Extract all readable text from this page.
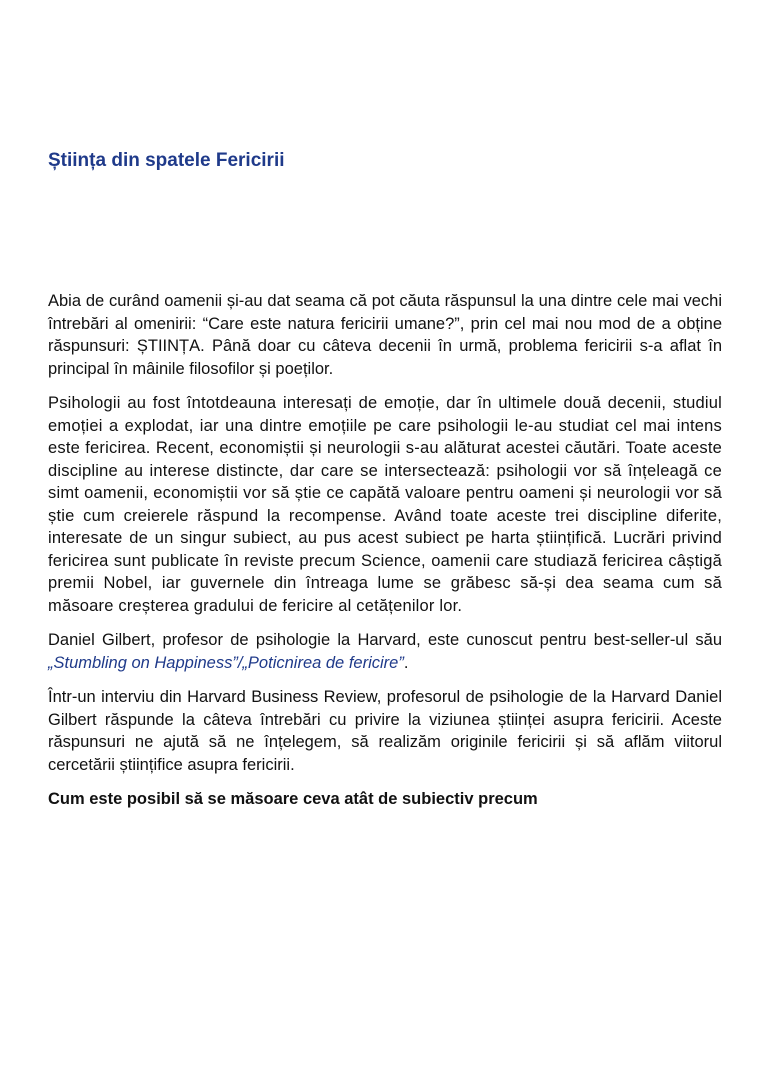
Știința din spatele Fericirii

Abia de curând oamenii și-au dat seama că pot căuta răspunsul la una dintre cele mai vechi întrebări al omenirii: “Care este natura fericirii umane?”, prin cel mai nou mod de a obține răspunsuri: ȘTIINȚA. Până doar cu câteva decenii în urmă, problema fericirii s-a aflat în principal în mâinile filosofilor și poeților.

Psihologii au fost întotdeauna interesați de emoție, dar în ultimele două decenii, studiul emoției a explodat, iar una dintre emoțiile pe care psihologii le-au studiat cel mai intens este fericirea. Recent, economiștii și neurologii s-au alăturat acestei căutări. Toate aceste discipline au interese distincte, dar care se intersectează: psihologii vor să înțeleagă ce simt oamenii, economiștii vor să știe ce capătă valoare pentru oameni și neurologii vor să știe cum creierele răspund la recompense. Având toate aceste trei discipline diferite, interesate de un singur subiect, au pus acest subiect pe harta științifică. Lucrări privind fericirea sunt publicate în reviste precum Science, oamenii care studiază fericirea câștigă premii Nobel, iar guvernele din întreaga lume se grăbesc să-și dea seama cum să măsoare creșterea gradului de fericire al cetățenilor lor.

Daniel Gilbert, profesor de psihologie la Harvard, este cunoscut pentru best-seller-ul său „Stumbling on Happiness”/„Poticnirea de fericire”.

Într-un interviu din Harvard Business Review, profesorul de psihologie de la Harvard Daniel Gilbert răspunde la câteva întrebări cu privire la viziunea științei asupra fericirii. Aceste răspunsuri ne ajută să ne înțelegem, să realizăm originile fericirii și să aflăm viitorul cercetării științifice asupra fericirii.

Cum este posibil să se măsoare ceva atât de subiectiv precum
